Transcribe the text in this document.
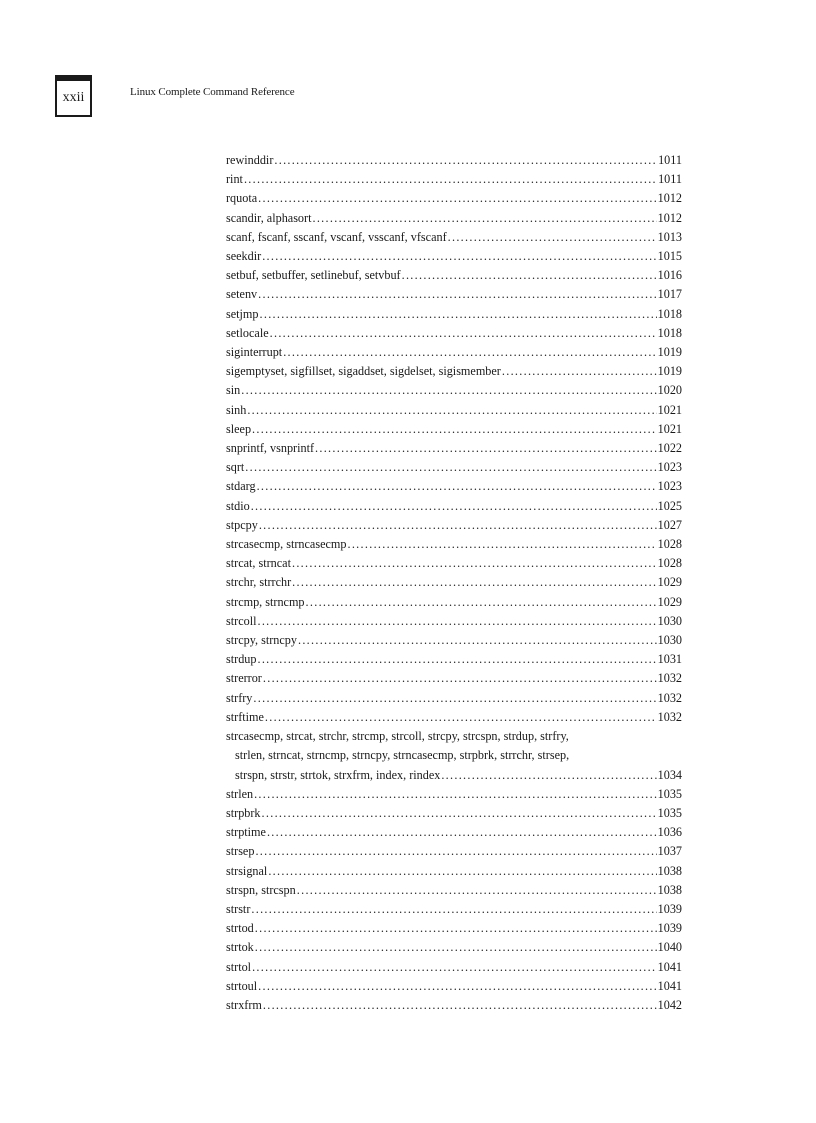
xxii	Linux Complete Command Reference
rewinddir .....	1011
rint .....	1011
rquota .....	1012
scandir, alphasort .....	1012
scanf, fscanf, sscanf, vscanf, vsscanf, vfscanf .....	1013
seekdir .....	1015
setbuf, setbuffer, setlinebuf, setvbuf .....	1016
setenv .....	1017
setjmp .....	1018
setlocale .....	1018
siginterrupt .....	1019
sigemptyset, sigfillset, sigaddset, sigdelset, sigismember .....	1019
sin .....	1020
sinh .....	1021
sleep .....	1021
snprintf, vsnprintf .....	1022
sqrt .....	1023
stdarg .....	1023
stdio .....	1025
stpcpy .....	1027
strcasecmp, strncasecmp .....	1028
strcat, strncat .....	1028
strchr, strrchr .....	1029
strcmp, strncmp .....	1029
strcoll .....	1030
strcpy, strncpy .....	1030
strdup .....	1031
strerror .....	1032
strfry .....	1032
strftime .....	1032
strcasecmp, strcat, strchr, strcmp, strcoll, strcpy, strcspn, strdup, strfry,
strlen, strncat, strncmp, strncpy, strncasecmp, strpbrk, strrchr, strsep,
strspn, strstr, strtok, strxfrm, index, rindex .....	1034
strlen .....	1035
strpbrk .....	1035
strptime .....	1036
strsep .....	1037
strsignal .....	1038
strspn, strcspn .....	1038
strstr .....	1039
strtod .....	1039
strtok .....	1040
strtol .....	1041
strtoul .....	1041
strxfrm .....	1042
